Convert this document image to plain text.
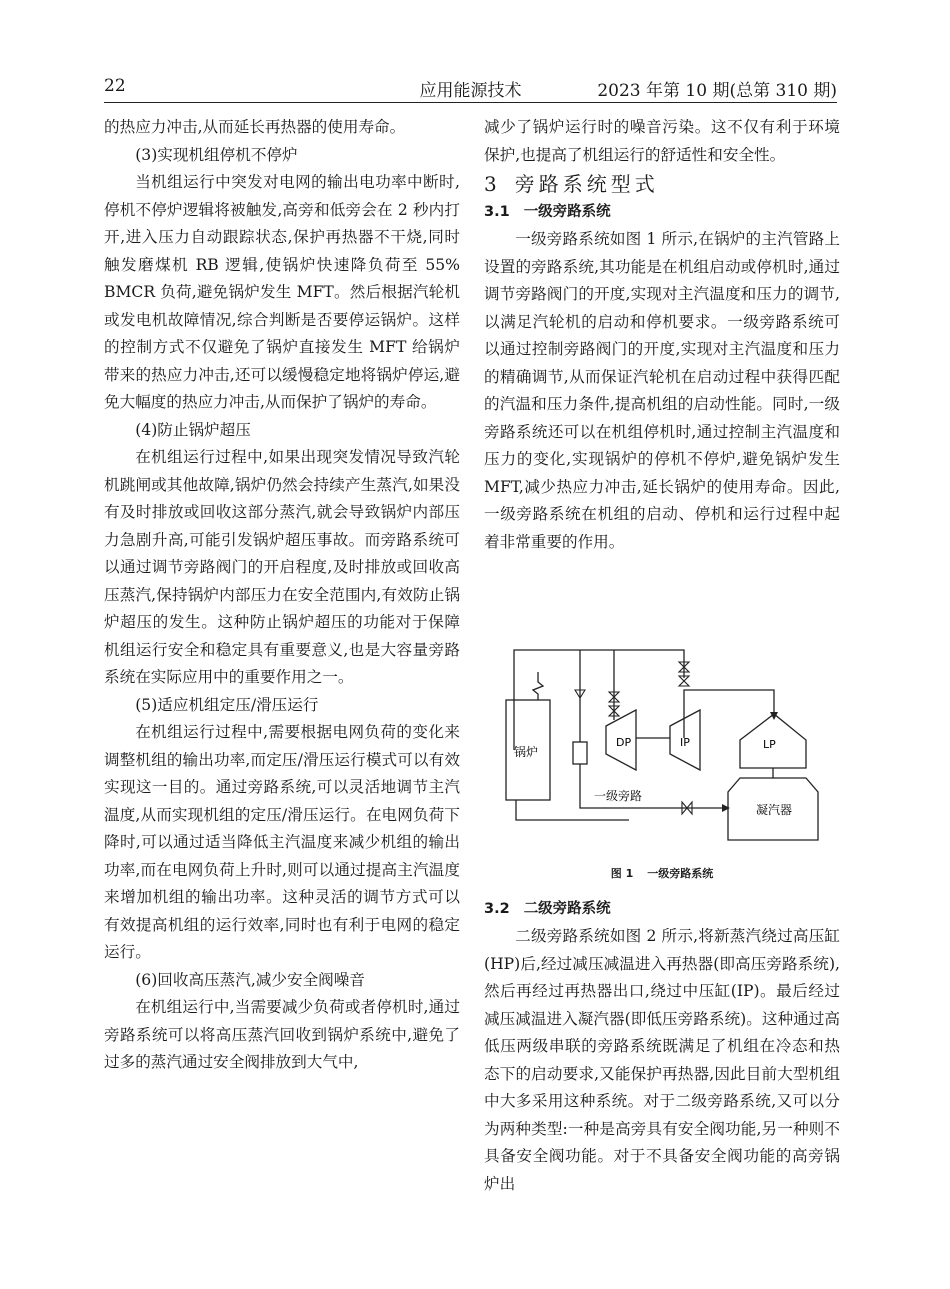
22	应用能源技术	2023 年第 10 期(总第 310 期)

的热应力冲击,从而延长再热器的使用寿命。

(3)实现机组停机不停炉

当机组运行中突发对电网的输出电功率中断时,停机不停炉逻辑将被触发,高旁和低旁会在 2 秒内打开,进入压力自动跟踪状态,保护再热器不干烧,同时触发磨煤机 RB 逻辑,使锅炉快速降负荷至 55% BMCR 负荷,避免锅炉发生 MFT。然后根据汽轮机或发电机故障情况,综合判断是否要停运锅炉。这样的控制方式不仅避免了锅炉直接发生 MFT 给锅炉带来的热应力冲击,还可以缓慢稳定地将锅炉停运,避免大幅度的热应力冲击,从而保护了锅炉的寿命。

(4)防止锅炉超压

在机组运行过程中,如果出现突发情况导致汽轮机跳闸或其他故障,锅炉仍然会持续产生蒸汽,如果没有及时排放或回收这部分蒸汽,就会导致锅炉内部压力急剧升高,可能引发锅炉超压事故。而旁路系统可以通过调节旁路阀门的开启程度,及时排放或回收高压蒸汽,保持锅炉内部压力在安全范围内,有效防止锅炉超压的发生。这种防止锅炉超压的功能对于保障机组运行安全和稳定具有重要意义,也是大容量旁路系统在实际应用中的重要作用之一。

(5)适应机组定压/滑压运行

在机组运行过程中,需要根据电网负荷的变化来调整机组的输出功率,而定压/滑压运行模式可以有效实现这一目的。通过旁路系统,可以灵活地调节主汽温度,从而实现机组的定压/滑压运行。在电网负荷下降时,可以通过适当降低主汽温度来减少机组的输出功率,而在电网负荷上升时,则可以通过提高主汽温度来增加机组的输出功率。这种灵活的调节方式可以有效提高机组的运行效率,同时也有利于电网的稳定运行。

(6)回收高压蒸汽,减少安全阀噪音

在机组运行中,当需要减少负荷或者停机时,通过旁路系统可以将高压蒸汽回收到锅炉系统中,避免了过多的蒸汽通过安全阀排放到大气中,

减少了锅炉运行时的噪音污染。这不仅有利于环境保护,也提高了机组运行的舒适性和安全性。

3 旁路系统型式
3.1 一级旁路系统

一级旁路系统如图 1 所示,在锅炉的主汽管路上设置的旁路系统,其功能是在机组启动或停机时,通过调节旁路阀门的开度,实现对主汽温度和压力的调节,以满足汽轮机的启动和停机要求。一级旁路系统可以通过控制旁路阀门的开度,实现对主汽温度和压力的精确调节,从而保证汽轮机在启动过程中获得匹配的汽温和压力条件,提高机组的启动性能。同时,一级旁路系统还可以在机组停机时,通过控制主汽温度和压力的变化,实现锅炉的停机不停炉,避免锅炉发生 MFT,减少热应力冲击,延长锅炉的使用寿命。因此,一级旁路系统在机组的启动、停机和运行过程中起着非常重要的作用。

锅炉
DP	IP	LP
凝汽器
一级旁路
图 1 一级旁路系统
3.2 二级旁路系统

二级旁路系统如图 2 所示,将新蒸汽绕过高压缸(HP)后,经过减压减温进入再热器(即高压旁路系统),然后再经过再热器出口,绕过中压缸(IP)。最后经过减压减温进入凝汽器(即低压旁路系统)。这种通过高低压两级串联的旁路系统既满足了机组在冷态和热态下的启动要求,又能保护再热器,因此目前大型机组中大多采用这种系统。对于二级旁路系统,又可以分为两种类型:一种是高旁具有安全阀功能,另一种则不具备安全阀功能。对于不具备安全阀功能的高旁锅炉出
